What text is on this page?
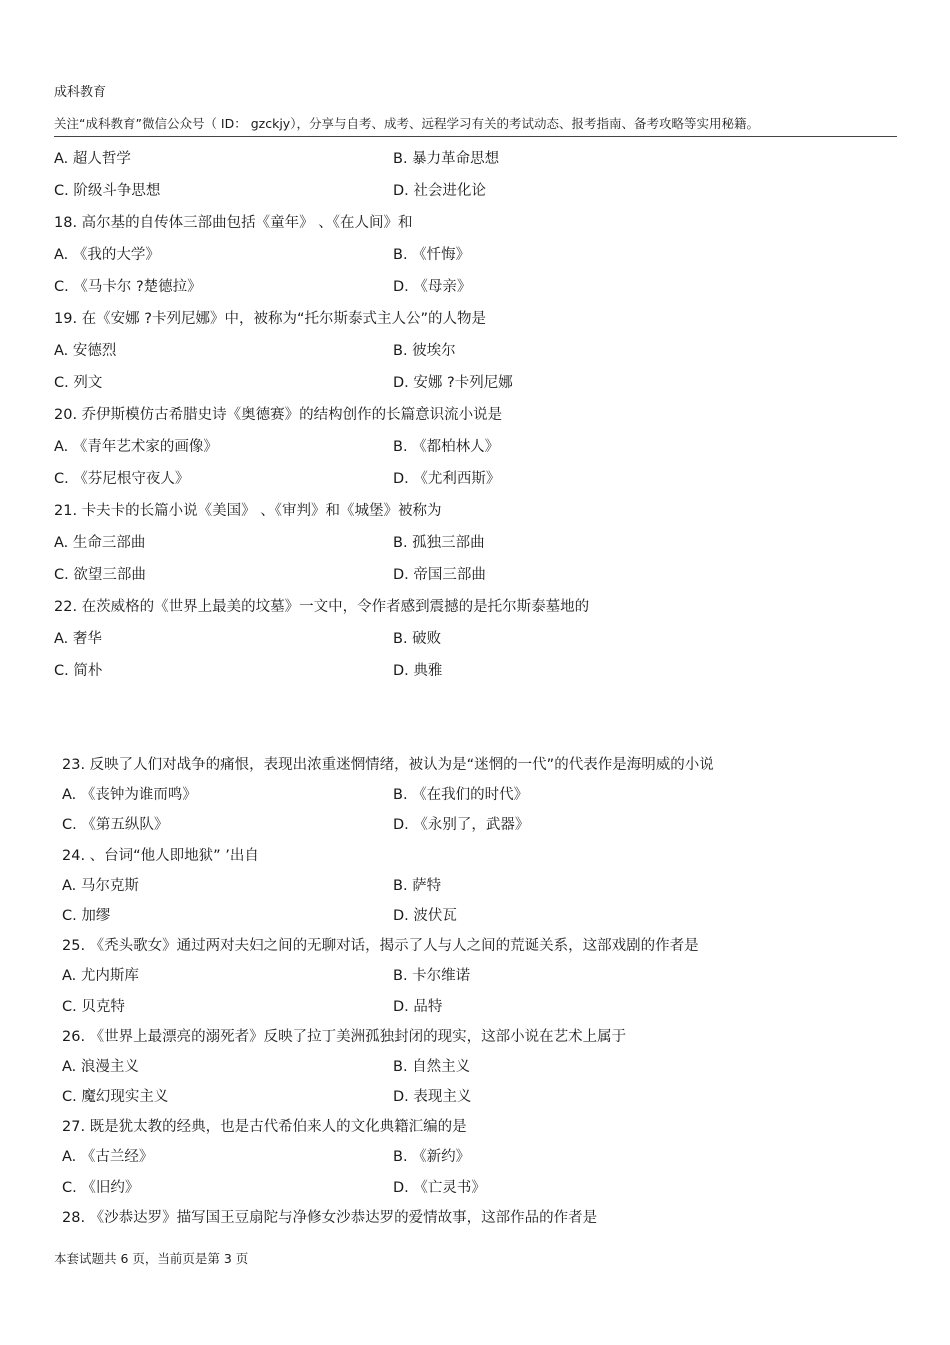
成科教育
关注“成科教育”微信公众号（ ID： gzckjy），分享与自考、成考、远程学习有关的考试动态、报考指南、备考攻略等实用秘籍。
A. 超人哲学	B. 暴力革命思想
C. 阶级斗争思想	D. 社会进化论
18. 高尔基的自传体三部曲包括《童年》 、《在人间》和
A. 《我的大学》	B. 《忏悔》
C. 《马卡尔 ?楚德拉》	D. 《母亲》
19. 在《安娜 ?卡列尼娜》中，被称为“托尔斯泰式主人公”的人物是
A. 安德烈	B. 彼埃尔
C. 列文	D. 安娜 ?卡列尼娜
20. 乔伊斯模仿古希腊史诗《奥德赛》的结构创作的长篇意识流小说是
A. 《青年艺术家的画像》	B. 《都柏林人》
C. 《芬尼根守夜人》	D. 《尤利西斯》
21. 卡夫卡的长篇小说《美国》 、《审判》和《城堡》被称为
A. 生命三部曲	B. 孤独三部曲
C. 欲望三部曲	D. 帝国三部曲
22. 在茨威格的《世界上最美的坟墓》一文中，令作者感到震撼的是托尔斯泰墓地的
A. 奢华	B. 破败
C. 简朴	D. 典雅
23. 反映了人们对战争的痛恨，表现出浓重迷惘情绪，被认为是“迷惘的一代”的代表作是海明威的小说
A. 《丧钟为谁而鸣》	B. 《在我们的时代》
C. 《第五纵队》	D. 《永别了，武器》
24. 、台词“他人即地狱” ’出自
A. 马尔克斯	B. 萨特
C. 加缪	D. 波伏瓦
25. 《秃头歌女》通过两对夫妇之间的无聊对话，揭示了人与人之间的荒诞关系，这部戏剧的作者是
A. 尤内斯库	B. 卡尔维诺
C. 贝克特	D. 品特
26. 《世界上最漂亮的溺死者》反映了拉丁美洲孤独封闭的现实，这部小说在艺术上属于
A. 浪漫主义	B. 自然主义
C. 魔幻现实主义	D. 表现主义
27. 既是犹太教的经典，也是古代希伯来人的文化典籍汇编的是
A. 《古兰经》	B. 《新约》
C. 《旧约》	D. 《亡灵书》
28. 《沙恭达罗》描写国王豆扇陀与净修女沙恭达罗的爱情故事，这部作品的作者是
本套试题共 6 页，当前页是第 3 页
